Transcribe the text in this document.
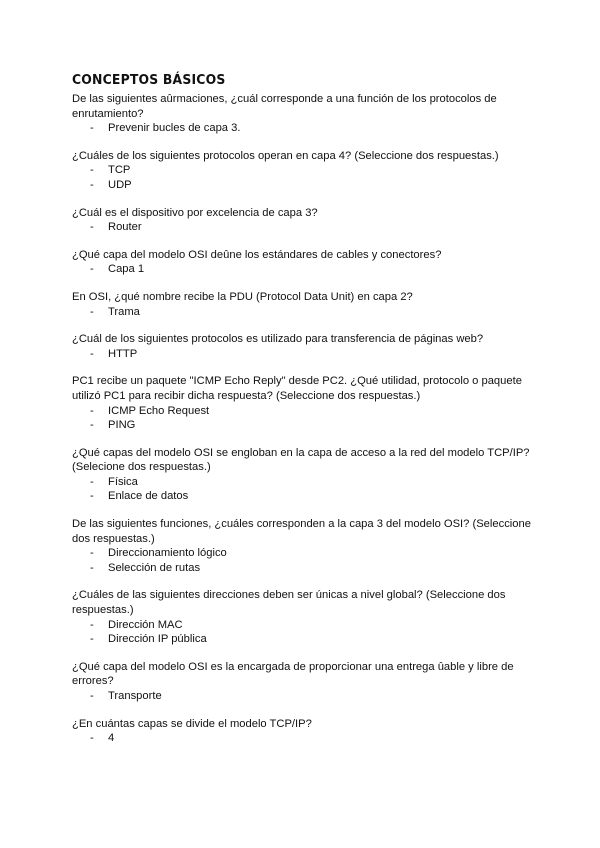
CONCEPTOS BÁSICOS

De las siguientes aûrmaciones, ¿cuál corresponde a una función de los protocolos de enrutamiento?

- Prevenir bucles de capa 3.

¿Cuáles de los siguientes protocolos operan en capa 4? (Seleccione dos respuestas.)

- TCP
- UDP

¿Cuál es el dispositivo por excelencia de capa 3?

- Router

¿Qué capa del modelo OSI deûne los estándares de cables y conectores?

- Capa 1

En OSI, ¿qué nombre recibe la PDU (Protocol Data Unit) en capa 2?

- Trama

¿Cuál de los siguientes protocolos es utilizado para transferencia de páginas web?

- HTTP

PC1 recibe un paquete "ICMP Echo Reply" desde PC2. ¿Qué utilidad, protocolo o paquete utilizó PC1 para recibir dicha respuesta? (Seleccione dos respuestas.)

- ICMP Echo Request
- PING

¿Qué capas del modelo OSI se engloban en la capa de acceso a la red del modelo TCP/IP? (Selecione dos respuestas.)

- Física
- Enlace de datos

De las siguientes funciones, ¿cuáles corresponden a la capa 3 del modelo OSI? (Seleccione dos respuestas.)

- Direccionamiento lógico
- Selección de rutas

¿Cuáles de las siguientes direcciones deben ser únicas a nivel global? (Seleccione dos respuestas.)

- Dirección MAC
- Dirección IP pública

¿Qué capa del modelo OSI es la encargada de proporcionar una entrega ûable y libre de errores?

- Transporte

¿En cuántas capas se divide el modelo TCP/IP?

- 4
